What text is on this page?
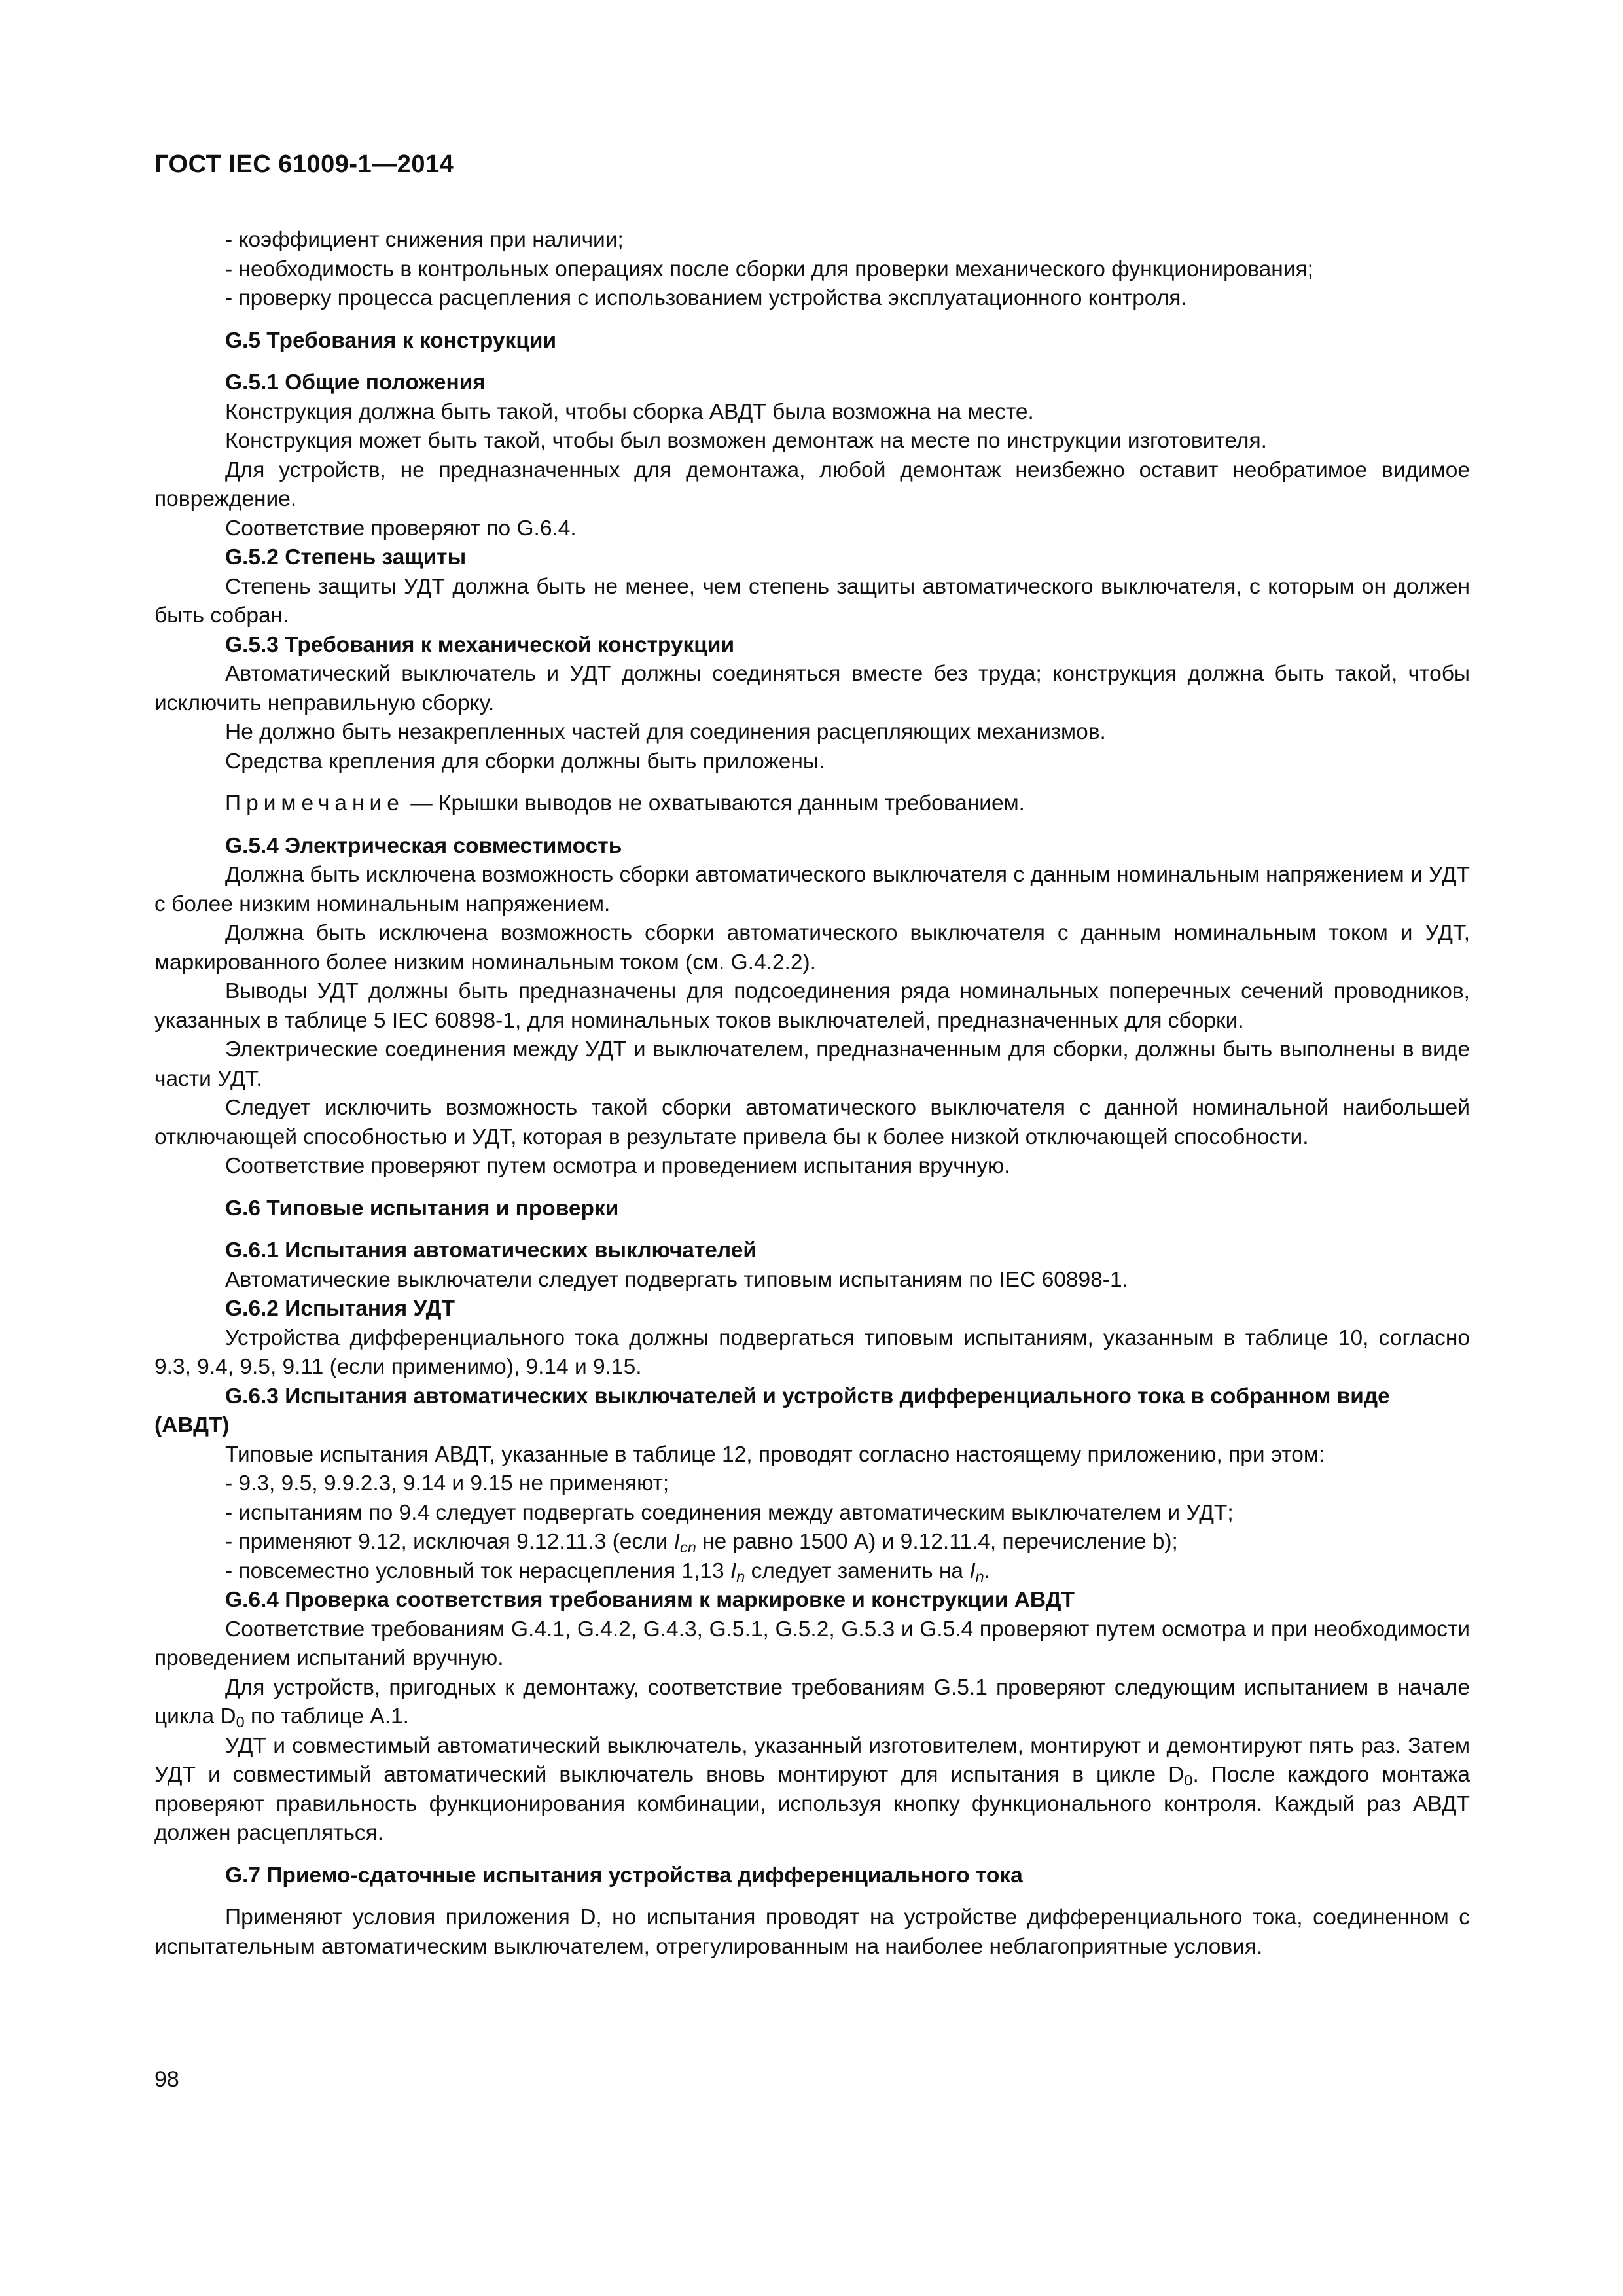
ГОСТ IEC 61009-1—2014

- коэффициент снижения при наличии;

- необходимость в контрольных операциях после сборки для проверки механического функционирования;

- проверку процесса расцепления с использованием устройства эксплуатационного контроля.

G.5 Требования к конструкции

G.5.1 Общие положения

Конструкция должна быть такой, чтобы сборка АВДТ была возможна на месте.

Конструкция может быть такой, чтобы был возможен демонтаж на месте по инструкции изготовителя.

Для устройств, не предназначенных для демонтажа, любой демонтаж неизбежно оставит необратимое видимое повреждение.

Соответствие проверяют по G.6.4.

G.5.2 Степень защиты

Степень защиты УДТ должна быть не менее, чем степень защиты автоматического выключателя, с которым он должен быть собран.

G.5.3 Требования к механической конструкции

Автоматический выключатель и УДТ должны соединяться вместе без труда; конструкция должна быть такой, чтобы исключить неправильную сборку.

Не должно быть незакрепленных частей для соединения расцепляющих механизмов.

Средства крепления для сборки должны быть приложены.

Примечание — Крышки выводов не охватываются данным требованием.

G.5.4 Электрическая совместимость

Должна быть исключена возможность сборки автоматического выключателя с данным номинальным напряжением и УДТ с более низким номинальным напряжением.

Должна быть исключена возможность сборки автоматического выключателя с данным номинальным током и УДТ, маркированного более низким номинальным током (см. G.4.2.2).

Выводы УДТ должны быть предназначены для подсоединения ряда номинальных поперечных сечений проводников, указанных в таблице 5 IEC 60898-1, для номинальных токов выключателей, предназначенных для сборки.

Электрические соединения между УДТ и выключателем, предназначенным для сборки, должны быть выполнены в виде части УДТ.

Следует исключить возможность такой сборки автоматического выключателя с данной номинальной наибольшей отключающей способностью и УДТ, которая в результате привела бы к более низкой отключающей способности.

Соответствие проверяют путем осмотра и проведением испытания вручную.

G.6 Типовые испытания и проверки

G.6.1 Испытания автоматических выключателей

Автоматические выключатели следует подвергать типовым испытаниям по IEC 60898-1.

G.6.2 Испытания УДТ

Устройства дифференциального тока должны подвергаться типовым испытаниям, указанным в таблице 10, согласно 9.3, 9.4, 9.5, 9.11 (если применимо), 9.14 и 9.15.

G.6.3 Испытания автоматических выключателей и устройств дифференциального тока в собранном виде (АВДТ)

Типовые испытания АВДТ, указанные в таблице 12, проводят согласно настоящему приложению, при этом:

- 9.3, 9.5, 9.9.2.3, 9.14 и 9.15 не применяют;

- испытаниям по 9.4 следует подвергать соединения между автоматическим выключателем и УДТ;

- применяют 9.12, исключая 9.12.11.3 (если $I_{cn}$ не равно 1500 А) и 9.12.11.4, перечисление b);

- повсеместно условный ток нерасцепления 1,13 $I_n$ следует заменить на $I_n$.

G.6.4 Проверка соответствия требованиям к маркировке и конструкции АВДТ

Соответствие требованиям G.4.1, G.4.2, G.4.3, G.5.1, G.5.2, G.5.3 и G.5.4 проверяют путем осмотра и при необходимости проведением испытаний вручную.

Для устройств, пригодных к демонтажу, соответствие требованиям G.5.1 проверяют следующим испытанием в начале цикла $D_0$ по таблице А.1.

УДТ и совместимый автоматический выключатель, указанный изготовителем, монтируют и демонтируют пять раз. Затем УДТ и совместимый автоматический выключатель вновь монтируют для испытания в цикле $D_0$. После каждого монтажа проверяют правильность функционирования комбинации, используя кнопку функционального контроля. Каждый раз АВДТ должен расцепляться.

G.7 Приемо-сдаточные испытания устройства дифференциального тока

Применяют условия приложения D, но испытания проводят на устройстве дифференциального тока, соединенном с испытательным автоматическим выключателем, отрегулированным на наиболее неблагоприятные условия.

98
